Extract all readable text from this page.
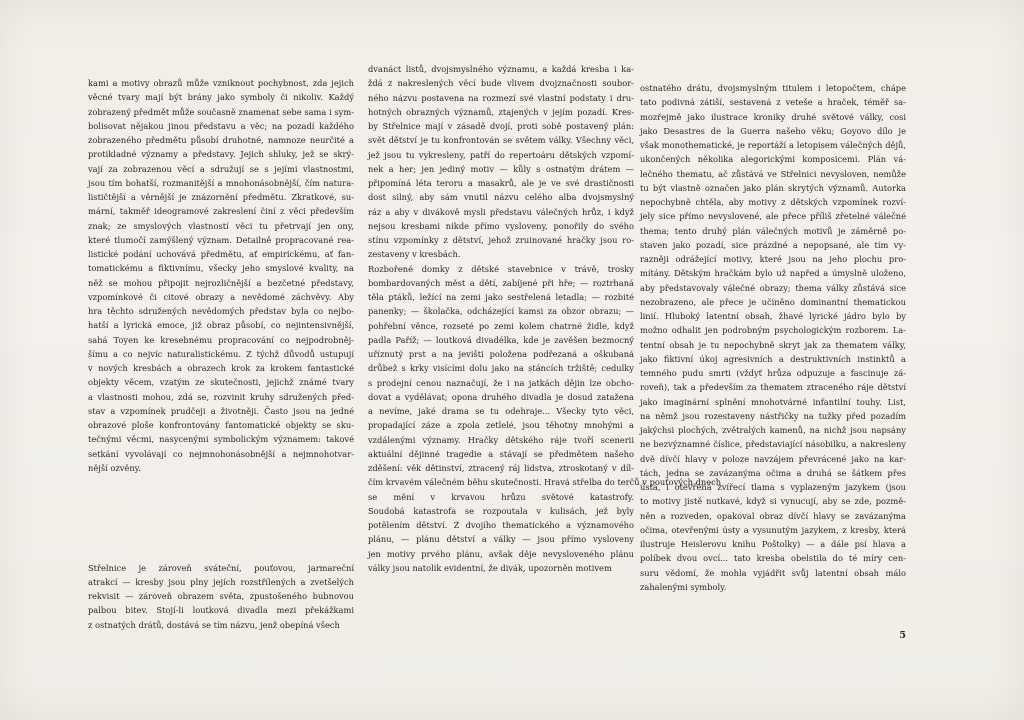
kami a motivy obrazů může vzniknout pochybnost, zda jejich
věcné tvary mají být brány jako symboly či nikoliv. Každý
zobrazený předmět může současně znamenat sebe sama i sym-
bolisovat nějakou jinou představu a věc; na pozadí každého
zobrazeného předmětu působí druhotné, namnoze neurčité a
protikladné významy a představy. Jejich shluky, jež se skrý-
vají za zobrazenou věcí a sdružují se s jejími vlastnostmi,
jsou tím bohatší, rozmanitější a mnohonásobnější, čím natura-
lističtější a věrnější je znázornění předmětu. Zkratkové, su-
mární, takměř ideogramové zakreslení činí z věci především
znak; ze smyslových vlastností věci tu přetrvají jen ony,
které tlumočí zamýšlený význam. Detailně propracované rea-
listické podání uchovává předmětu, ať empirickému, ať fan-
tomatickému a fiktivnímu, všecky jeho smyslové kvality, na
něž se mohou připojit nejrozličnější a bezčetné představy,
vzpomínkové či citové obrazy a nevědomé záchvěvy. Aby
hra těchto sdružených nevědomých představ byla co nejbo-
hatší a lyrická emoce, již obraz působí, co nejintensivnější,
sahá Toyen ke kresebnému propracování co nejpodrobněj-
šímu a co nejvíc naturalistickému. Z týchž důvodů ustupují
v nových kresbách a obrazech krok za krokem fantastické
objekty věcem, vzatým ze skutečnosti, jejichž známé tvary
a vlastnosti mohou, zdá se, rozvinit kruhy sdružených před-
stav a vzpomínek prudčeji a životněji. Často jsou na jedné
obrazové ploše konfrontovány fantomatické objekty se sku-
tečnými věcmi, nasycenými symbolickým významem: takové
setkání vyvolávají co nejmnohonásobnější a nejmnohotvar-
nější ozvěny.
Střelnice je zároveň sváteční, pouťovou, jarmareční
atrakcí — kresby jsou plny jejích rozstřílených a zvetšelých
rekvisit — zároveň obrazem světa, zpustošeného bubnovou
palbou bitev. Stojí-li loutková divadla mezi překážkami
z ostnatých drátů, dostává se tím názvu, jenž obepíná všech
dvanáct listů, dvojsmyslného významu, a každá kresba i ka-
ždá z nakreslených věcí bude vlivem dvojznačnosti soubor-
ného názvu postavena na rozmezí své vlastní podstaty i dru-
hotných obrazných významů, ztajených v jejím pozadí. Kres-
by Střelnice mají v zásadě dvojí, proti sobě postavený plán:
svět dětství je tu konfrontován se světem války. Všechny věci,
jež jsou tu vykresleny, patří do repertoáru dětských vzpomí-
nek a her; jen jediný motiv — kůly s ostnatým drátem —
připomíná léta teroru a masakrů, ale je ve své drastičnosti
dost silný, aby sám vnutil názvu celého alba dvojsmyslný
ráz a aby v divákově mysli představu válečných hrůz, i když
nejsou kresbami nikde přímo vysloveny, ponořily do svého
stínu vzpomínky z dětství, jehož zruinované hračky jsou ro-
zestaveny v kresbách.
Rozbořené domky z dětské stavebnice v trávě, trosky
bombardovaných měst a dětí, zabíjené při hře; — roztrhaná
těla ptáků, ležící na zemi jako sestřelená letadla; — rozbité
panenky; — školačka, odcházející kamsi za obzor obrazu; —
pohřební věnce, rozseté po zemi kolem chatrné židle, když
padla Paříž; — loutková divadélka, kde je zavěšen bezmocný
uříznutý prst a na jevišti položena podřezaná a oškubaná
drůbež s krky visícími dolu jako na stáncích tržiště; cedulky
s prodejní cenou naznačují, že i na jatkách dějin lze obcho-
dovat a vydělávat; opona druhého divadla je dosud zatažena
a nevíme, jaké drama se tu odehraje... Všecky tyto věci,
propadající záze a zpola zetlelé, jsou těhotny mnohými a
vzdálenými významy. Hračky dětského ráje tvoří scenerii
aktuální dějinné tragedie a stávají se předmětem našeho
zděšení: věk dětinství, ztracený ráj lidstva, ztroskotaný v díl-
čím krvavém válečném běhu skutečnosti. Hravá střelba do terčů v pouťových dnech
se mění v krvavou hrůzu světové katastrofy.
Soudobá katastrofa se rozpoutala v kulisách, jež byly
potělením dětství. Z dvojího thematického a významového
plánu, — plánu dětství a války — jsou přímo vysloveny
jen motivy prvého plánu, avšak děje nevysloveného plánu
války jsou natolik evidentní, že divák, upozorněn motivem
ostnatého drátu, dvojsmyslným titulem i letopočtem, chápe
tato podivná zátiší, sestavená z veteše a hraček, téměř sa-
mozřejmě jako ilustrace kroniky druhé světové války, cosi
jako Desastres de la Guerra našeho věku; Goyovo dílo je
však monothematické, je reportáží a letopisem válečných dějů,
ukončených několika alegorickými komposicemi. Plán vá-
lečného thematu, ač zůstává ve Střelnici nevysloven, nemůže
tu být vlastně označen jako plán skrytých významů. Autorka
nepochybně chtěla, aby motivy z dětských vzpomínek rozví-
jely sice přímo nevyslovené, ale přece příliš zřetelné válečné
thema; tento druhý plán válečných motivů je záměrně po-
staven jako pozadí, sice prázdné a nepopsané, ale tím vy-
razněji odrážející motivy, které jsou na jeho plochu pro-
mítány. Dětským hračkám bylo už napřed a úmyslně uloženo,
aby představovaly válečné obrazy; thema války zůstává sice
nezobrazeno, ale přece je učiněno dominantní thematickou
linií. Hluboký latentní obsah, žhavé lyrické jádro bylo by
možno odhalit jen podrobným psychologickým rozborem. La-
tentní obsah je tu nepochybně skryt jak za thematem války,
jako fiktivní úkoj agresivních a destruktivních instinktů a
temného pudu smrti (vždyť hrůza odpuzuje a fascinuje zá-
roveň), tak a především za thematem ztraceného ráje dětství
jako imaginární splnění mnohotvárné infantilní touhy. List,
na němž jsou rozestaveny nástřičky na tužky před pozadím
jakýchsi plochých, zvětralých kamenů, na nichž jsou napsány
ne bezvýznamné číslice, představiající násobilku, a nakresleny
dvě dívčí hlavy v poloze navzájem převrácené jako na kar-
tách, jedna se zavázanýma očima a druhá se šátkem přes
ústa, i otevřená zvířecí tlama s vyplazeným jazykem (jsou
to motivy jistě nutkavé, když si vynucují, aby se zde, pozmě-
něn a rozveden, opakoval obraz dívčí hlavy se zavázanýma
očima, otevřenými ústy a vysunutým jazykem, z kresby, která
ilustruje Heislerovu knihu Poštolky) — a dále psí hlava a
políbek dvou ovcí... tato kresba obelstila do té míry cen-
suru vědomí, že mohla vyjádřit svůj latentní obsah málo
zahalenými symboly.
5
